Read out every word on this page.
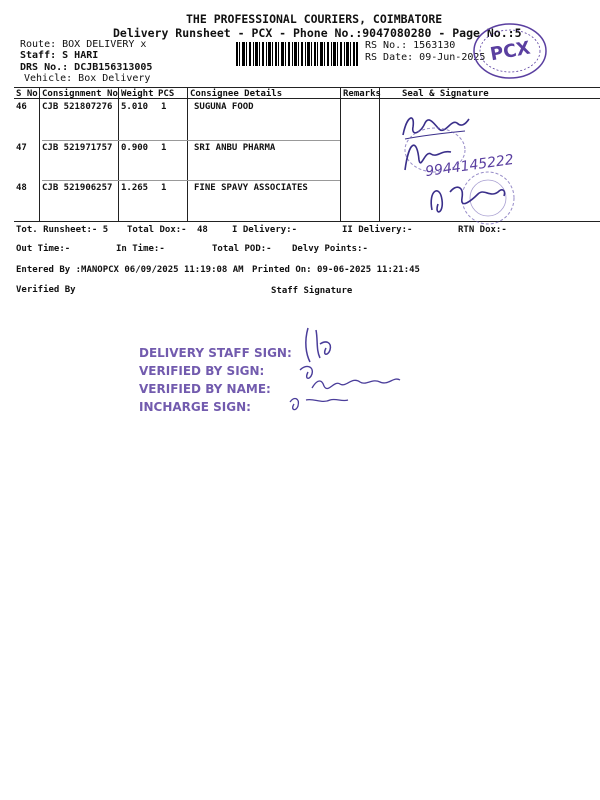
THE PROFESSIONAL COURIERS, COIMBATORE
Delivery Runsheet - PCX - Phone No.:9047080280 - Page No.:5
Route: BOX DELIVERY x
Staff: S HARI
DRS No.: DCJB156313005
Vehicle: Box Delivery
RS No.: 1563130
RS Date: 09-Jun-2025 PCX
S No Consignment No Weight PCS Consignee Details	Remarks Seal & Signature
46 CJB 521807276 5.010 1	SUGUNA FOOD
47 CJB 521971757 0.900 1	SRI ANBU PHARMA
48 CJB 521906257 1.265 1	FINE SPAVY ASSOCIATES
9944145222
Tot. Runsheet:- 5 Total Dox:- 48	I Delivery:-	II Delivery:-	RTN Dox:-
Out Time:-	In Time:-	Total POD:- Delvy Points:-
Entered By :MANOPCX 06/09/2025 11:19:08 AM Printed On: 09-06-2025 11:21:45
Verified By	Staff Signature
DELIVERY STAFF SIGN:
VERIFIED BY SIGN:
VERIFIED BY NAME:
INCHARGE SIGN:
